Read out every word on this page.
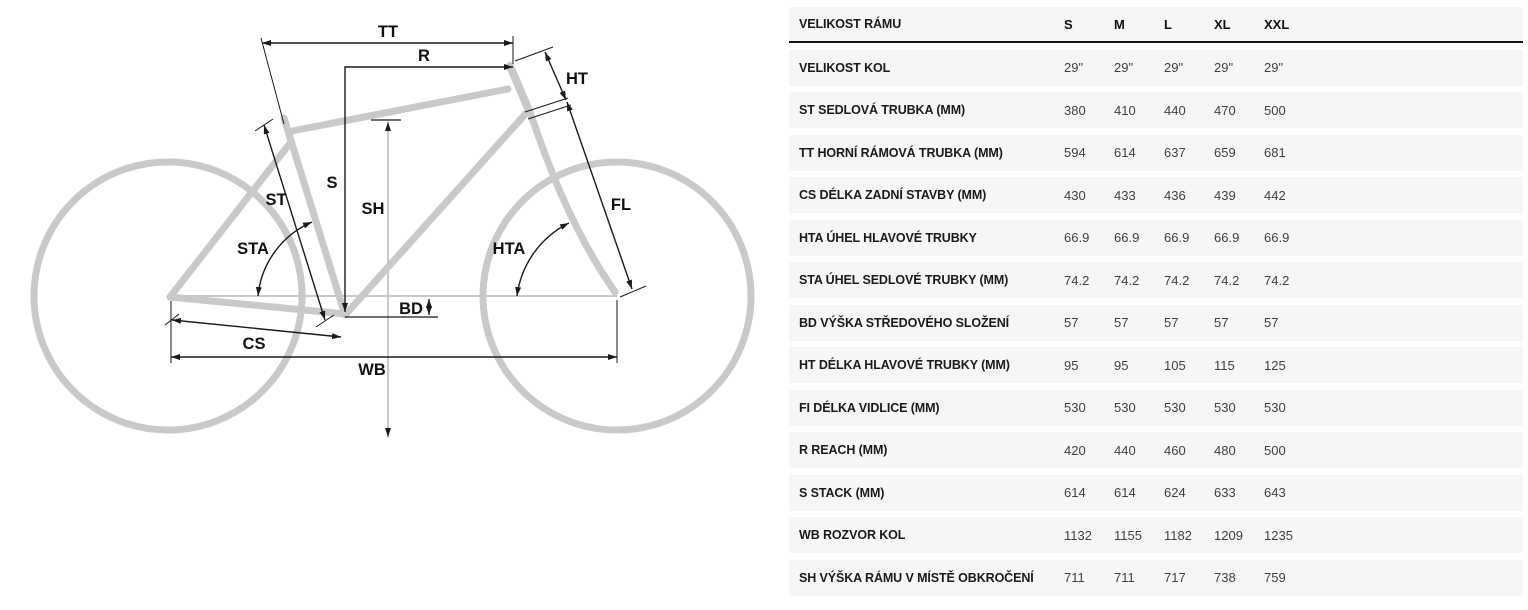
TT
R
HT
FL
S
SH
ST
STA	HTA
BD
CS
WB
VELIKOST RÁMU	S	M	L	XL	XXL
VELIKOST KOL	29"	29"	29"	29"	29"
ST SEDLOVÁ TRUBKA (MM)	380	410	440	470	500
TT HORNÍ RÁMOVÁ TRUBKA (MM)	594	614	637	659	681
CS DÉLKA ZADNÍ STAVBY (MM)	430	433	436	439	442
HTA ÚHEL HLAVOVÉ TRUBKY	66.9	66.9	66.9	66.9	66.9
STA ÚHEL SEDLOVÉ TRUBKY (MM)	74.2	74.2	74.2	74.2	74.2
BD VÝŠKA STŘEDOVÉHO SLOŽENÍ	57	57	57	57	57
HT DÉLKA HLAVOVÉ TRUBKY (MM)	95	95	105	115	125
FI DÉLKA VIDLICE (MM)	530	530	530	530	530
R REACH (MM)	420	440	460	480	500
S STACK (MM)	614	614	624	633	643
WB ROZVOR KOL	1132	1155	1182	1209	1235
SH VÝŠKA RÁMU V MÍSTĚ OBKROČENÍ	711	711	717	738	759
